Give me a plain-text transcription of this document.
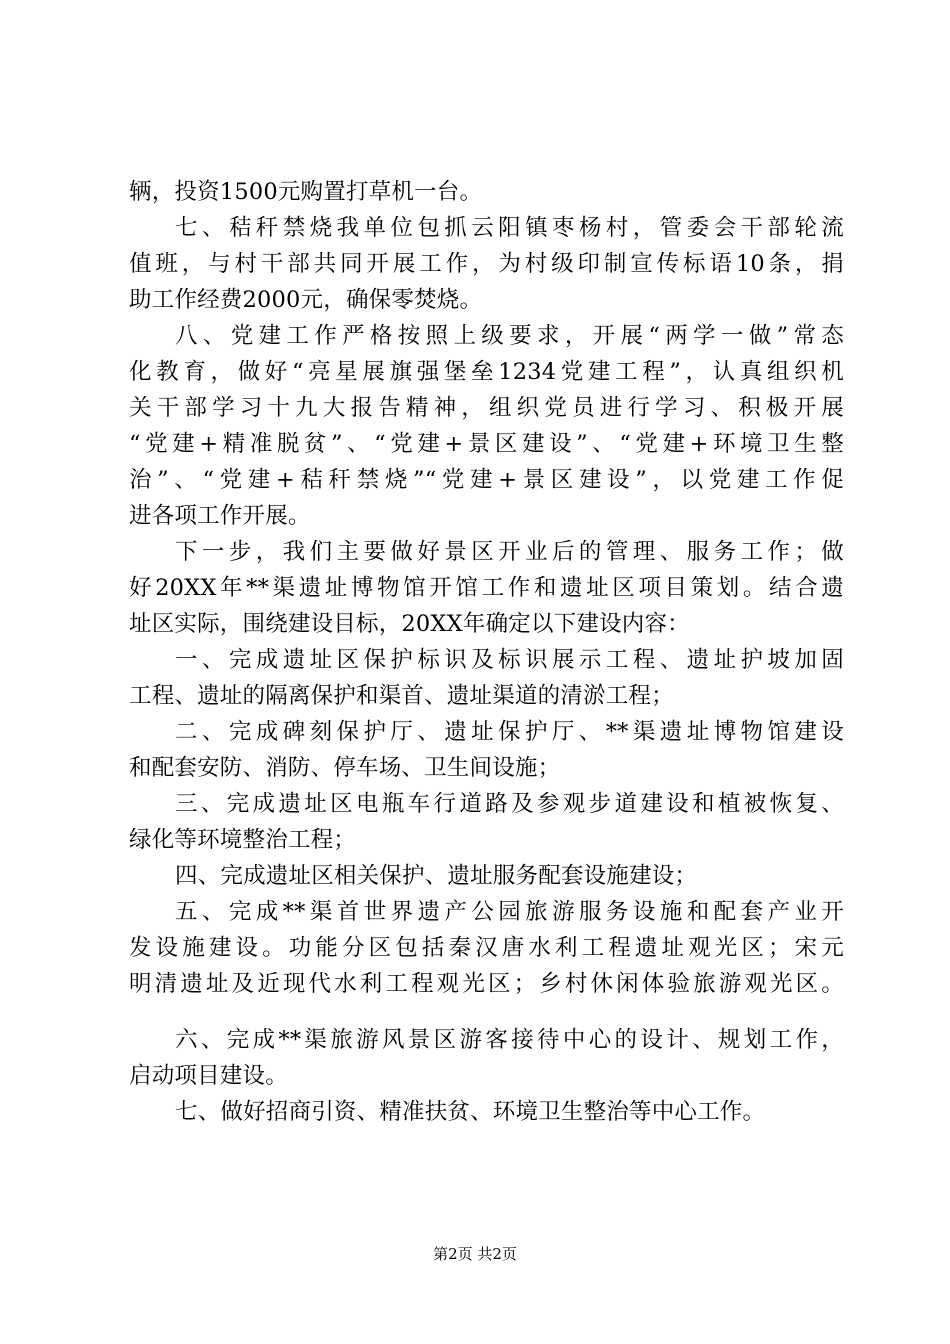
辆，投资1500元购置打草机一台。
七、秸秆禁烧我单位包抓云阳镇枣杨村，管委会干部轮流
值班，与村干部共同开展工作，为村级印制宣传标语10条，捐
助工作经费2000元，确保零焚烧。
八、党建工作严格按照上级要求，开展“两学一做”常态
化教育，做好“亮星展旗强堡垒1234党建工程”，认真组织机
关干部学习十九大报告精神，组织党员进行学习、积极开展
“党建+精准脱贫”、“党建+景区建设”、“党建+环境卫生整
治”、“党建+秸秆禁烧”“党建+景区建设”，以党建工作促
进各项工作开展。
下一步，我们主要做好景区开业后的管理、服务工作；做
好20XX年**渠遗址博物馆开馆工作和遗址区项目策划。结合遗
址区实际，围绕建设目标，20XX年确定以下建设内容：
一、完成遗址区保护标识及标识展示工程、遗址护坡加固
工程、遗址的隔离保护和渠首、遗址渠道的清淤工程；
二、完成碑刻保护厅、遗址保护厅、**渠遗址博物馆建设
和配套安防、消防、停车场、卫生间设施；
三、完成遗址区电瓶车行道路及参观步道建设和植被恢复、
绿化等环境整治工程；
四、完成遗址区相关保护、遗址服务配套设施建设；
五、完成**渠首世界遗产公园旅游服务设施和配套产业开
发设施建设。功能分区包括秦汉唐水利工程遗址观光区；宋元
明清遗址及近现代水利工程观光区；乡村休闲体验旅游观光区。
六、完成**渠旅游风景区游客接待中心的设计、规划工作，
启动项目建设。
七、做好招商引资、精准扶贫、环境卫生整治等中心工作。
第2页 共2页
